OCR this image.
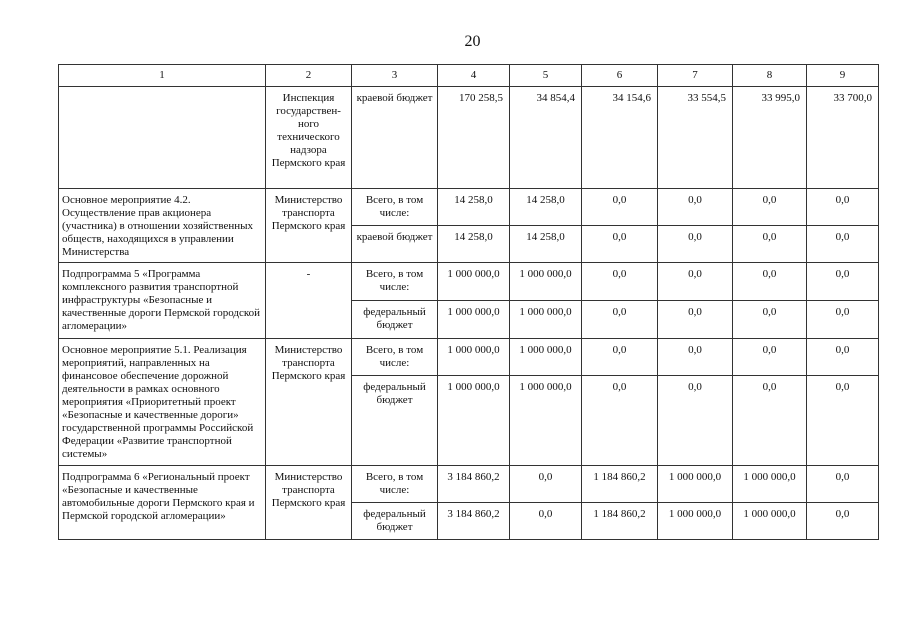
20
1	2	3	4	5	6	7	8	9
	Инспекция государствен-ного технического надзора Пермского края	краевой бюджет	170 258,5	34 854,4	34 154,6	33 554,5	33 995,0	33 700,0
Основное мероприятие 4.2. Осуществление прав акционера (участника) в отношении хозяйственных обществ, находящихся в управлении Министерства	Министерство транспорта Пермского края	Всего, в том числе:	14 258,0	14 258,0	0,0	0,0	0,0	0,0
		краевой бюджет	14 258,0	14 258,0	0,0	0,0	0,0	0,0
Подпрограмма 5 «Программа комплексного развития транспортной инфраструктуры «Безопасные и качественные дороги Пермской городской агломерации»	-	Всего, в том числе:	1 000 000,0	1 000 000,0	0,0	0,0	0,0	0,0
		федеральный бюджет	1 000 000,0	1 000 000,0	0,0	0,0	0,0	0,0
Основное мероприятие 5.1. Реализация мероприятий, направленных на финансовое обеспечение дорожной деятельности в рамках основного мероприятия «Приоритетный проект «Безопасные и качественные дороги» государственной программы Российской Федерации «Развитие транспортной системы»	Министерство транспорта Пермского края	Всего, в том числе:	1 000 000,0	1 000 000,0	0,0	0,0	0,0	0,0
		федеральный бюджет	1 000 000,0	1 000 000,0	0,0	0,0	0,0	0,0
Подпрограмма 6 «Региональный проект «Безопасные и качественные автомобильные дороги Пермского края и Пермской городской агломерации»	Министерство транспорта Пермского края	Всего, в том числе:	3 184 860,2	0,0	1 184 860,2	1 000 000,0	1 000 000,0	0,0
		федеральный бюджет	3 184 860,2	0,0	1 184 860,2	1 000 000,0	1 000 000,0	0,0
